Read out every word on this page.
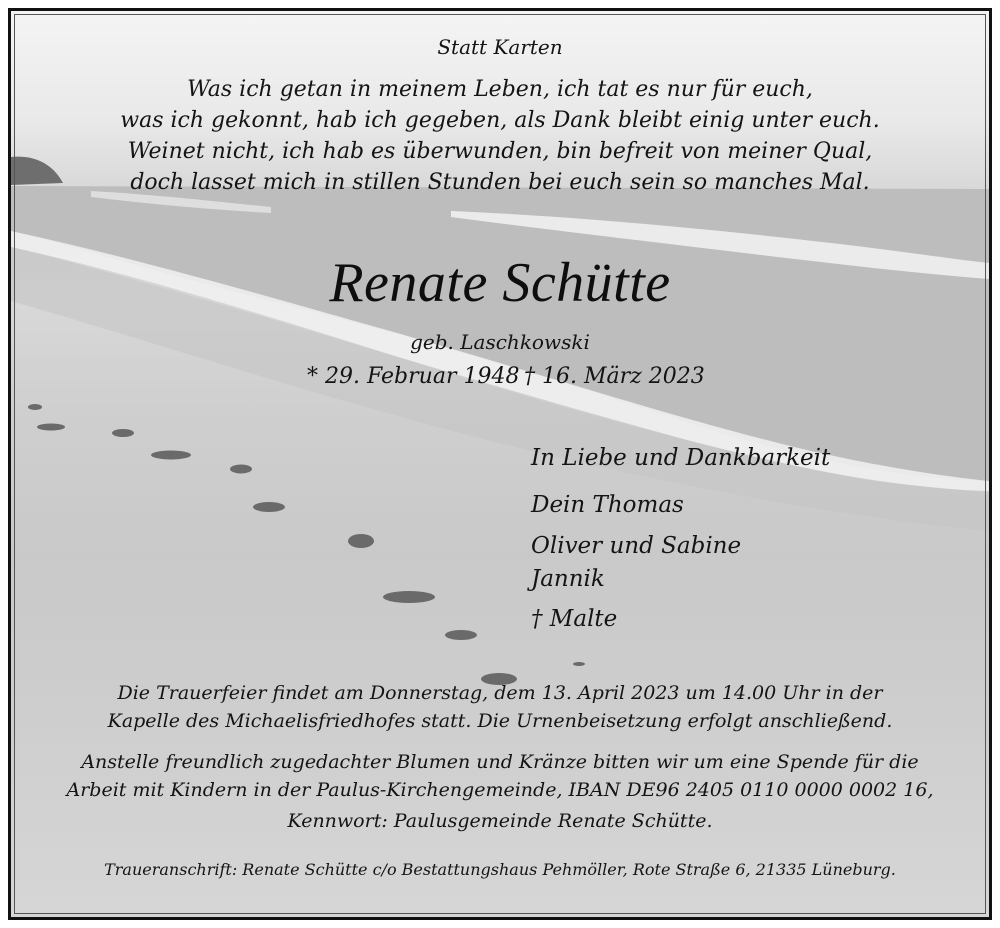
Statt Karten
Was ich getan in meinem Leben, ich tat es nur für euch,
was ich gekonnt, hab ich gegeben, als Dank bleibt einig unter euch.
Weinet nicht, ich hab es überwunden, bin befreit von meiner Qual,
doch lasset mich in stillen Stunden bei euch sein so manches Mal.
Renate Schütte
geb. Laschkowski
* 29. Februar 1948 † 16. März 2023
In Liebe und Dankbarkeit
Dein Thomas
Oliver und Sabine
Jannik
† Malte
Die Trauerfeier findet am Donnerstag, dem 13. April 2023 um 14.00 Uhr in der
Kapelle des Michaelisfriedhofes statt. Die Urnenbeisetzung erfolgt anschließend.
Anstelle freundlich zugedachter Blumen und Kränze bitten wir um eine Spende für die
Arbeit mit Kindern in der Paulus-Kirchengemeinde, IBAN DE96 2405 0110 0000 0002 16,
Kennwort: Paulusgemeinde Renate Schütte.
Traueranschrift: Renate Schütte c/o Bestattungshaus Pehmöller, Rote Straße 6, 21335 Lüneburg.
